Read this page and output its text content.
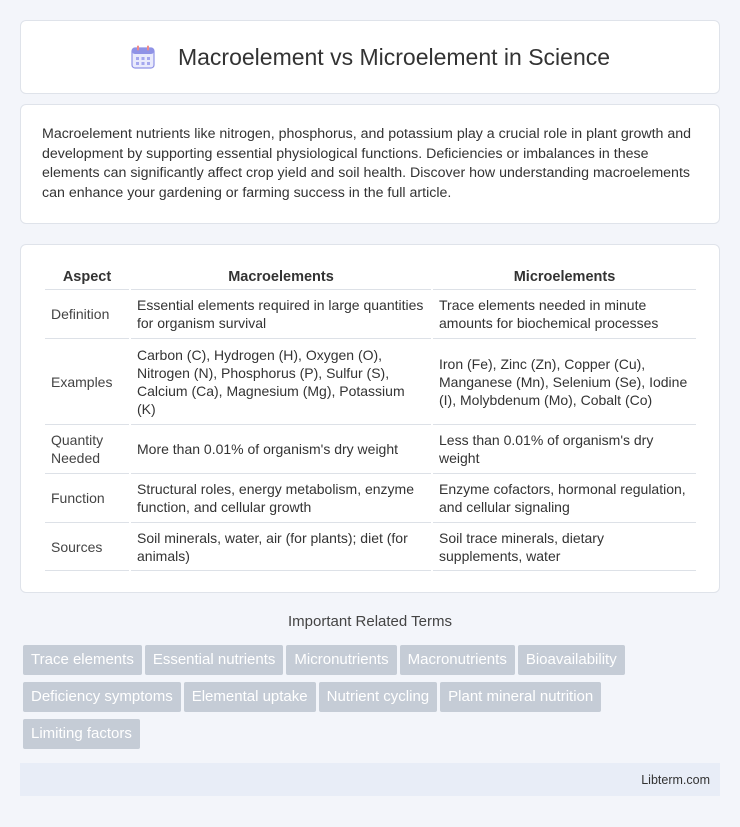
Macroelement vs Microelement in Science

Macroelement nutrients like nitrogen, phosphorus, and potassium play a crucial role in plant growth and development by supporting essential physiological functions. Deficiencies or imbalances in these elements can significantly affect crop yield and soil health. Discover how understanding macroelements can enhance your gardening or farming success in the full article.

Aspect	Macroelements	Microelements
Definition	Essential elements required in large quantities for organism survival	Trace elements needed in minute amounts for biochemical processes
Examples	Carbon (C), Hydrogen (H), Oxygen (O), Nitrogen (N), Phosphorus (P), Sulfur (S), Calcium (Ca), Magnesium (Mg), Potassium (K)	Iron (Fe), Zinc (Zn), Copper (Cu), Manganese (Mn), Selenium (Se), Iodine (I), Molybdenum (Mo), Cobalt (Co)
Quantity Needed	More than 0.01% of organism's dry weight	Less than 0.01% of organism's dry weight
Function	Structural roles, energy metabolism, enzyme function, and cellular growth	Enzyme cofactors, hormonal regulation, and cellular signaling
Sources	Soil minerals, water, air (for plants); diet (for animals)	Soil trace minerals, dietary supplements, water
Important Related Terms
Trace elements Essential nutrients Micronutrients Macronutrients Bioavailability
Deficiency symptoms Elemental uptake Nutrient cycling Plant mineral nutrition
Limiting factors
Libterm.com
